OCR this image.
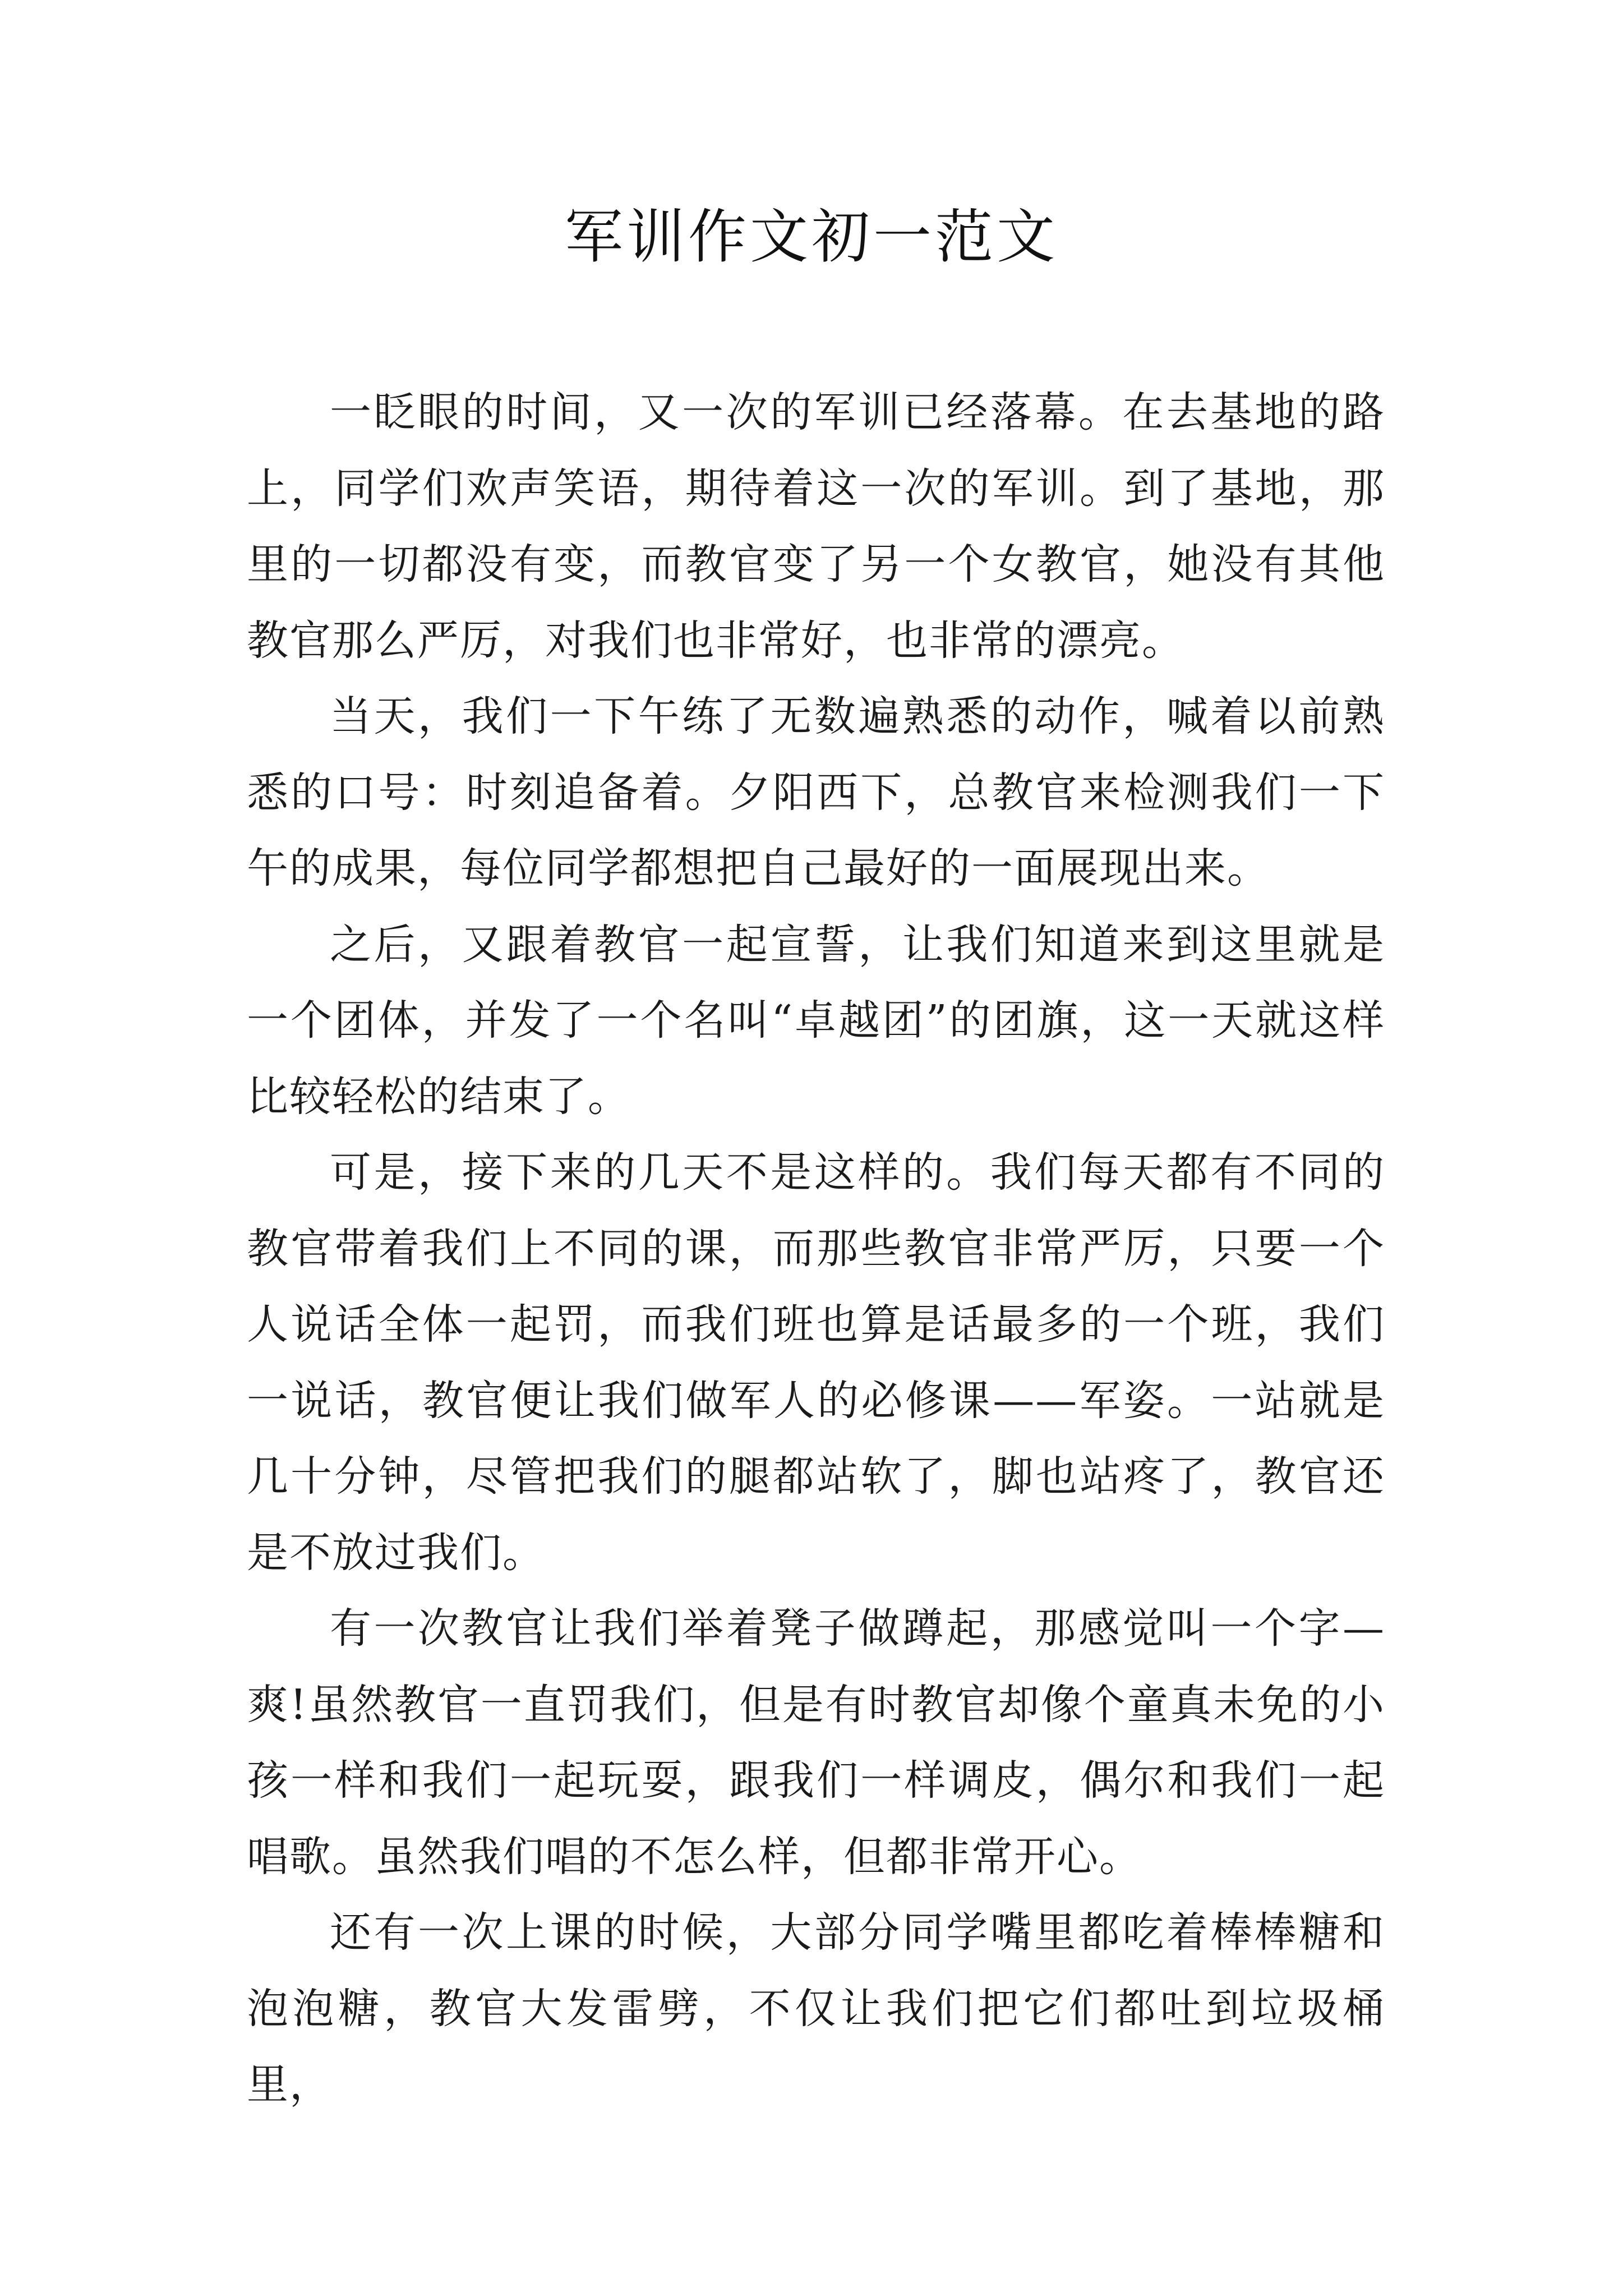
军训作文初一范文

一眨眼的时间，又一次的军训已经落幕。在去基地的路上，同学们欢声笑语，期待着这一次的军训。到了基地，那里的一切都没有变，而教官变了另一个女教官，她没有其他教官那么严厉，对我们也非常好，也非常的漂亮。

当天，我们一下午练了无数遍熟悉的动作，喊着以前熟悉的口号：时刻追备着。夕阳西下，总教官来检测我们一下午的成果，每位同学都想把自己最好的一面展现出来。

之后，又跟着教官一起宣誓，让我们知道来到这里就是一个团体，并发了一个名叫“卓越团”的团旗，这一天就这样比较轻松的结束了。

可是，接下来的几天不是这样的。我们每天都有不同的教官带着我们上不同的课，而那些教官非常严厉，只要一个人说话全体一起罚，而我们班也算是话最多的一个班，我们一说话，教官便让我们做军人的必修课——军姿。一站就是几十分钟，尽管把我们的腿都站软了，脚也站疼了，教官还是不放过我们。

有一次教官让我们举着凳子做蹲起，那感觉叫一个字—爽!虽然教官一直罚我们，但是有时教官却像个童真未免的小孩一样和我们一起玩耍，跟我们一样调皮，偶尔和我们一起唱歌。虽然我们唱的不怎么样，但都非常开心。

还有一次上课的时候，大部分同学嘴里都吃着棒棒糖和泡泡糖，教官大发雷劈，不仅让我们把它们都吐到垃圾桶里，
